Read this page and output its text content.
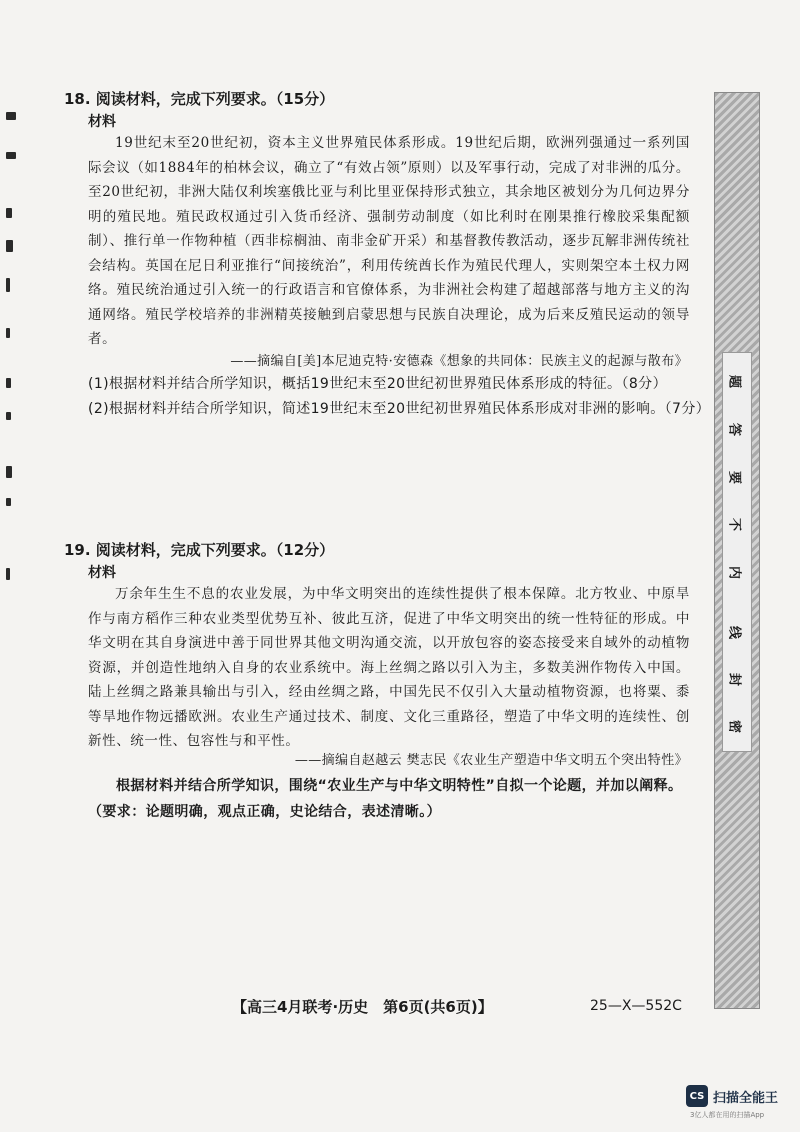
18. 阅读材料，完成下列要求。（15分）
材料

19世纪末至20世纪初，资本主义世界殖民体系形成。19世纪后期，欧洲列强通过一系列国际会议（如1884年的柏林会议，确立了“有效占领”原则）以及军事行动，完成了对非洲的瓜分。至20世纪初，非洲大陆仅利埃塞俄比亚与利比里亚保持形式独立，其余地区被划分为几何边界分明的殖民地。殖民政权通过引入货币经济、强制劳动制度（如比利时在刚果推行橡胶采集配额制）、推行单一作物种植（西非棕榈油、南非金矿开采）和基督教传教活动，逐步瓦解非洲传统社会结构。英国在尼日利亚推行“间接统治”，利用传统酋长作为殖民代理人，实则架空本土权力网络。殖民统治通过引入统一的行政语言和官僚体系，为非洲社会构建了超越部落与地方主义的沟通网络。殖民学校培养的非洲精英接触到启蒙思想与民族自决理论，成为后来反殖民运动的领导者。

——摘编自[美]本尼迪克特·安德森《想象的共同体：民族主义的起源与散布》

(1)根据材料并结合所学知识，概括19世纪末至20世纪初世界殖民体系形成的特征。（8分）

(2)根据材料并结合所学知识，简述19世纪末至20世纪初世界殖民体系形成对非洲的影响。（7分）

19. 阅读材料，完成下列要求。（12分）
材料

万余年生生不息的农业发展，为中华文明突出的连续性提供了根本保障。北方牧业、中原旱作与南方稻作三种农业类型优势互补、彼此互济，促进了中华文明突出的统一性特征的形成。中华文明在其自身演进中善于同世界其他文明沟通交流，以开放包容的姿态接受来自域外的动植物资源，并创造性地纳入自身的农业系统中。海上丝绸之路以引入为主，多数美洲作物传入中国。陆上丝绸之路兼具输出与引入，经由丝绸之路，中国先民不仅引入大量动植物资源，也将粟、黍等旱地作物远播欧洲。农业生产通过技术、制度、文化三重路径，塑造了中华文明的连续性、创新性、统一性、包容性与和平性。

——摘编自赵越云 樊志民《农业生产塑造中华文明五个突出特性》

根据材料并结合所学知识，围绕“农业生产与中华文明特性”自拟一个论题，并加以阐释。（要求：论题明确，观点正确，史论结合，表述清晰。）

【高三4月联考·历史　第6页(共6页)】	25—X—552C
密
封
线
内
不
要
答
题
CS 扫描全能王
3亿人都在用的扫描App
